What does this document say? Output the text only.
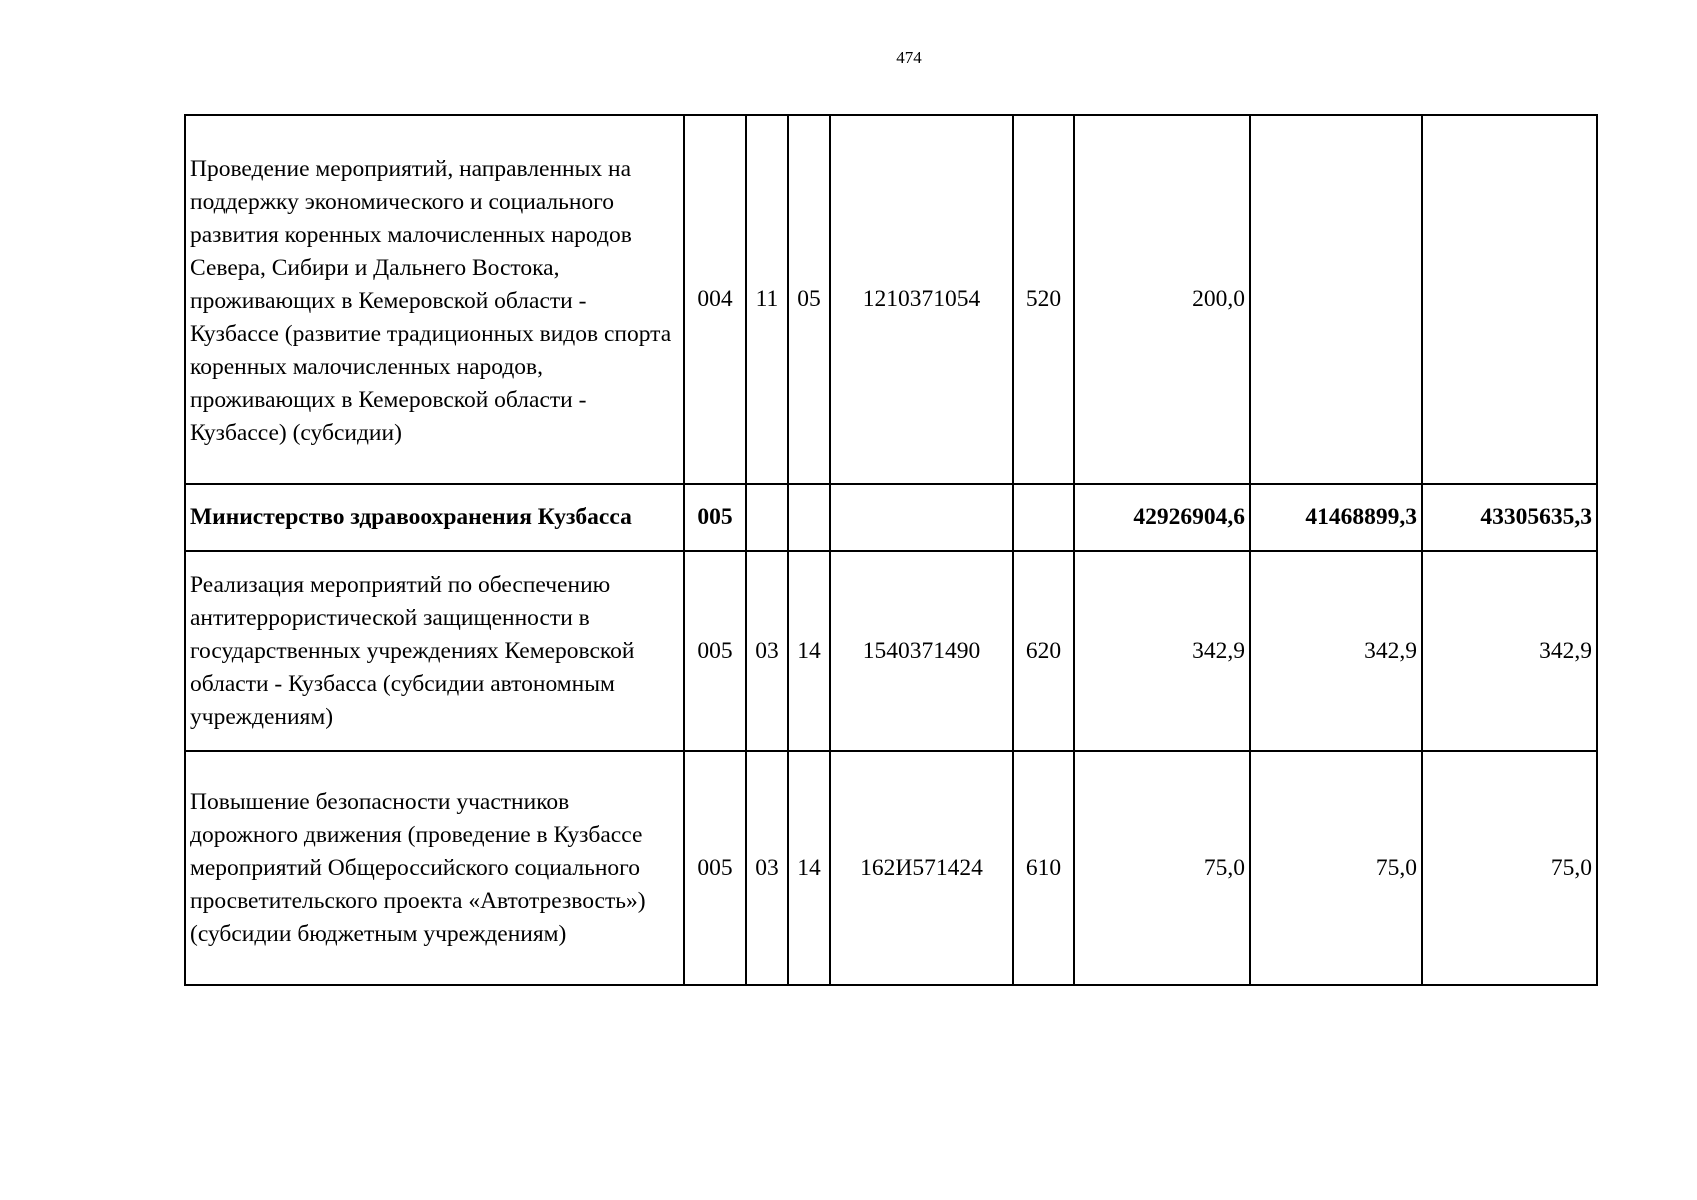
474
Проведение мероприятий, направленных на поддержку экономического и социального развития коренных малочисленных народов Севера, Сибири и Дальнего Востока, проживающих в Кемеровской области - Кузбассе (развитие традиционных видов спорта коренных малочисленных народов, проживающих в Кемеровской области - Кузбассе) (субсидии)	004	11	05	1210371054	520	200,0		
Министерство здравоохранения Кузбасса	005					42926904,6	41468899,3	43305635,3
Реализация мероприятий по обеспечению антитеррористической защищенности в государственных учреждениях Кемеровской области - Кузбасса (субсидии автономным учреждениям)	005	03	14	1540371490	620	342,9	342,9	342,9
Повышение безопасности участников дорожного движения (проведение в Кузбассе мероприятий Общероссийского социального просветительского проекта «Автотрезвость») (субсидии бюджетным учреждениям)	005	03	14	162И571424	610	75,0	75,0	75,0
